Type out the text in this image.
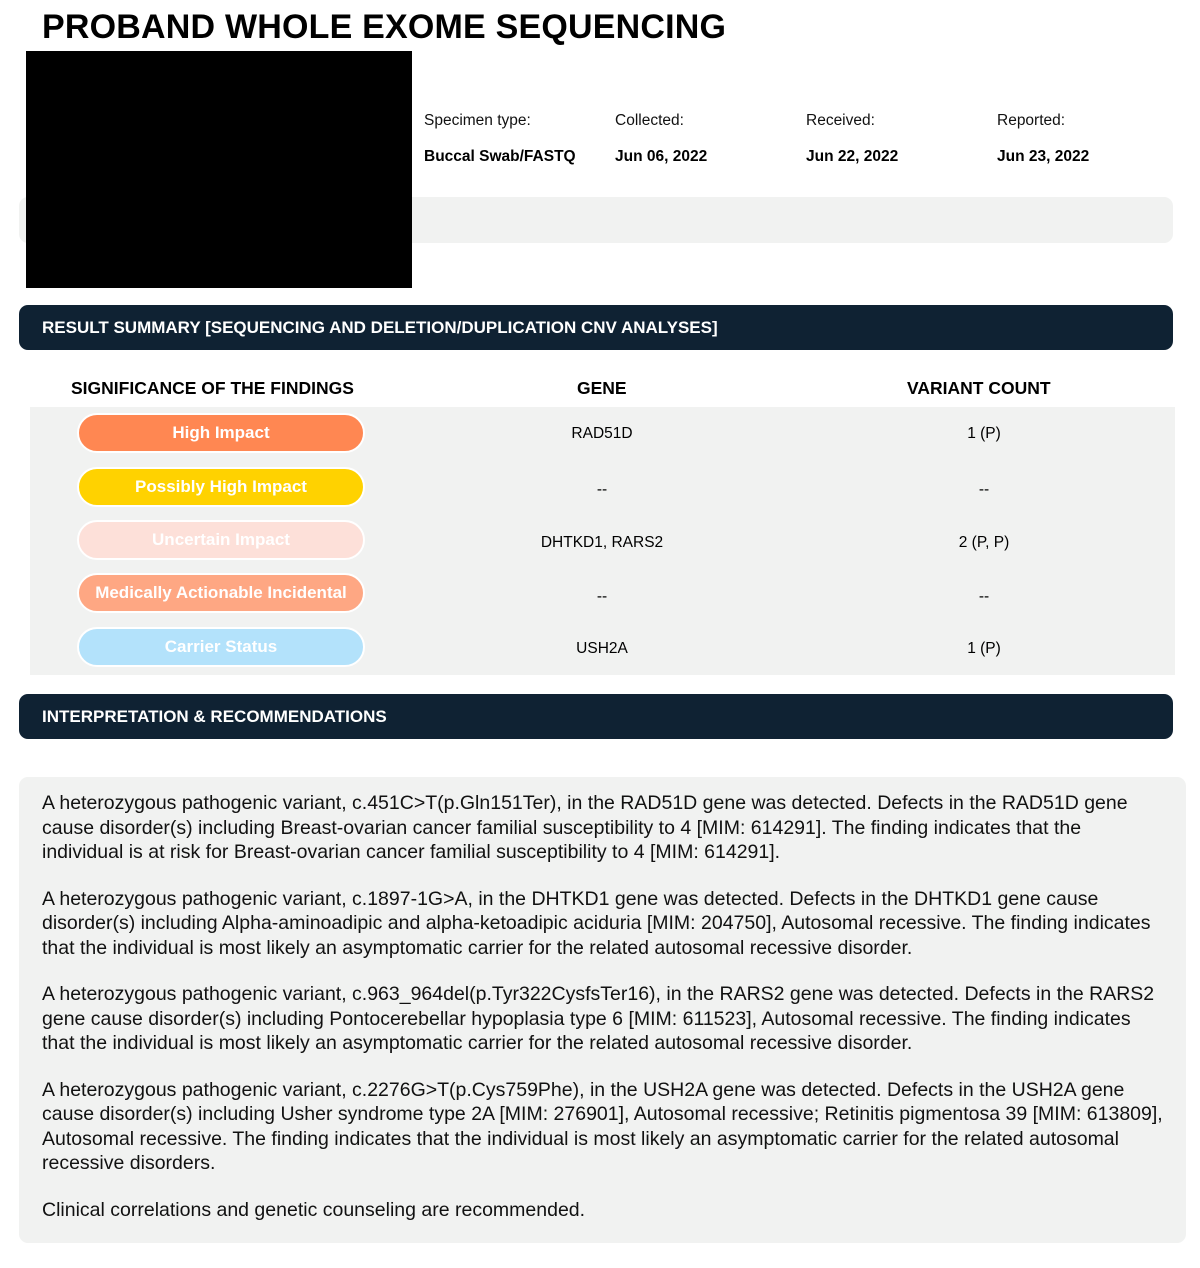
PROBAND WHOLE EXOME SEQUENCING
Specimen type:
Buccal Swab/FASTQ
Collected:
Jun 06, 2022
Received:
Jun 22, 2022
Reported:
Jun 23, 2022
RESULT SUMMARY [SEQUENCING AND DELETION/DUPLICATION CNV ANALYSES]
SIGNIFICANCE OF THE FINDINGS	GENE	VARIANT COUNT
High Impact	RAD51D	1 (P)
Possibly High Impact	--	--
Uncertain Impact	DHTKD1, RARS2	2 (P, P)
Medically Actionable Incidental	--	--
Carrier Status	USH2A	1 (P)
INTERPRETATION & RECOMMENDATIONS

A heterozygous pathogenic variant, c.451C>T(p.Gln151Ter), in the RAD51D gene was detected. Defects in the RAD51D gene cause disorder(s) including Breast-ovarian cancer familial susceptibility to 4 [MIM: 614291]. The finding indicates that the individual is at risk for Breast-ovarian cancer familial susceptibility to 4 [MIM: 614291].

A heterozygous pathogenic variant, c.1897-1G>A, in the DHTKD1 gene was detected. Defects in the DHTKD1 gene cause disorder(s) including Alpha-aminoadipic and alpha-ketoadipic aciduria [MIM: 204750], Autosomal recessive. The finding indicates that the individual is most likely an asymptomatic carrier for the related autosomal recessive disorder.

A heterozygous pathogenic variant, c.963_964del(p.Tyr322CysfsTer16), in the RARS2 gene was detected. Defects in the RARS2 gene cause disorder(s) including Pontocerebellar hypoplasia type 6 [MIM: 611523], Autosomal recessive. The finding indicates that the individual is most likely an asymptomatic carrier for the related autosomal recessive disorder.

A heterozygous pathogenic variant, c.2276G>T(p.Cys759Phe), in the USH2A gene was detected. Defects in the USH2A gene cause disorder(s) including Usher syndrome type 2A [MIM: 276901], Autosomal recessive; Retinitis pigmentosa 39 [MIM: 613809], Autosomal recessive. The finding indicates that the individual is most likely an asymptomatic carrier for the related autosomal recessive disorders.

Clinical correlations and genetic counseling are recommended.
